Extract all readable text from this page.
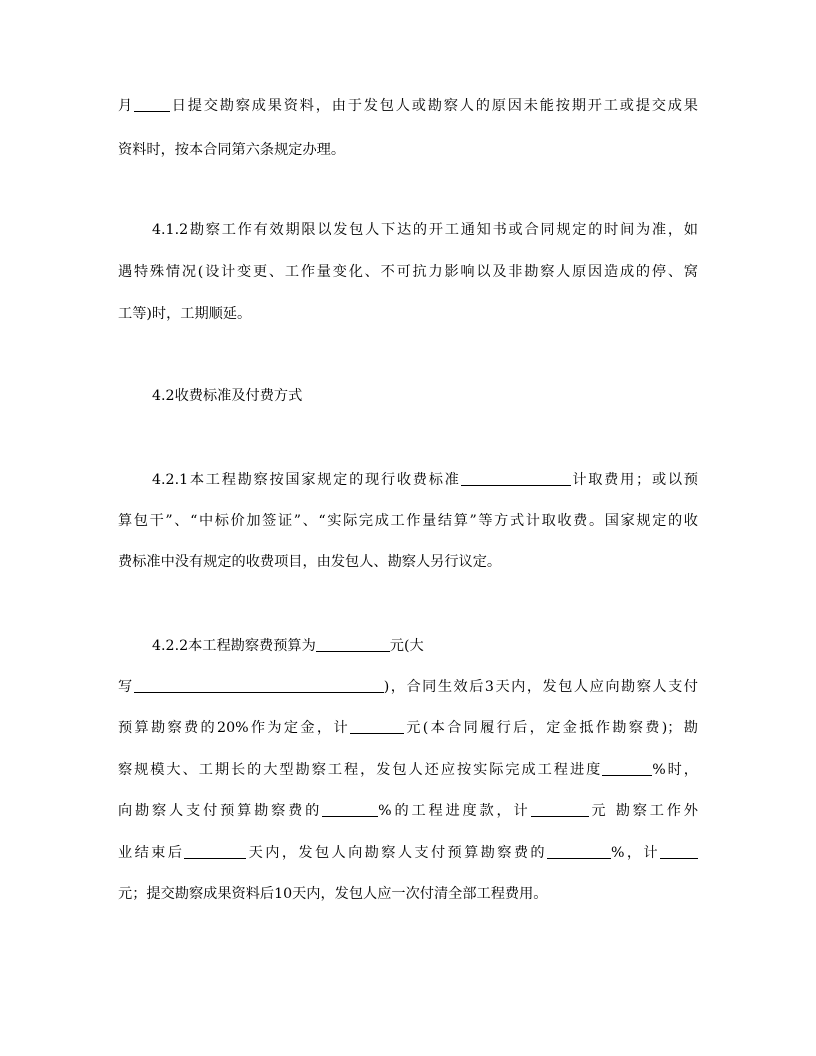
月	日提交勘察成果资料，由于发包人或勘察人的原因未能按期开工或提交成果
资料时，按本合同第六条规定办理。
4.1.2勘察工作有效期限以发包人下达的开工通知书或合同规定的时间为准，如
遇特殊情况(设计变更、工作量变化、不可抗力影响以及非勘察人原因造成的停、窝
工等)时，工期顺延。
4.2收费标准及付费方式
4.2.1本工程勘察按国家规定的现行收费标准	计取费用；或以预
算包干”、“中标价加签证”、“实际完成工作量结算”等方式计取收费。国家规定的收
费标准中没有规定的收费项目，由发包人、勘察人另行议定。
4.2.2本工程勘察费预算为	元(大
写	)，合同生效后3天内，发包人应向勘察人支付
预算勘察费的20%作为定金，计	元(本合同履行后，定金抵作勘察费)；勘
察规模大、工期长的大型勘察工程，发包人还应按实际完成工程进度	%时，
向勘察人支付预算勘察费的	%的工程进度款，计	元 勘察工作外
业结束后	天内，发包人向勘察人支付预算勘察费的	%，计
元；提交勘察成果资料后10天内，发包人应一次付清全部工程费用。
